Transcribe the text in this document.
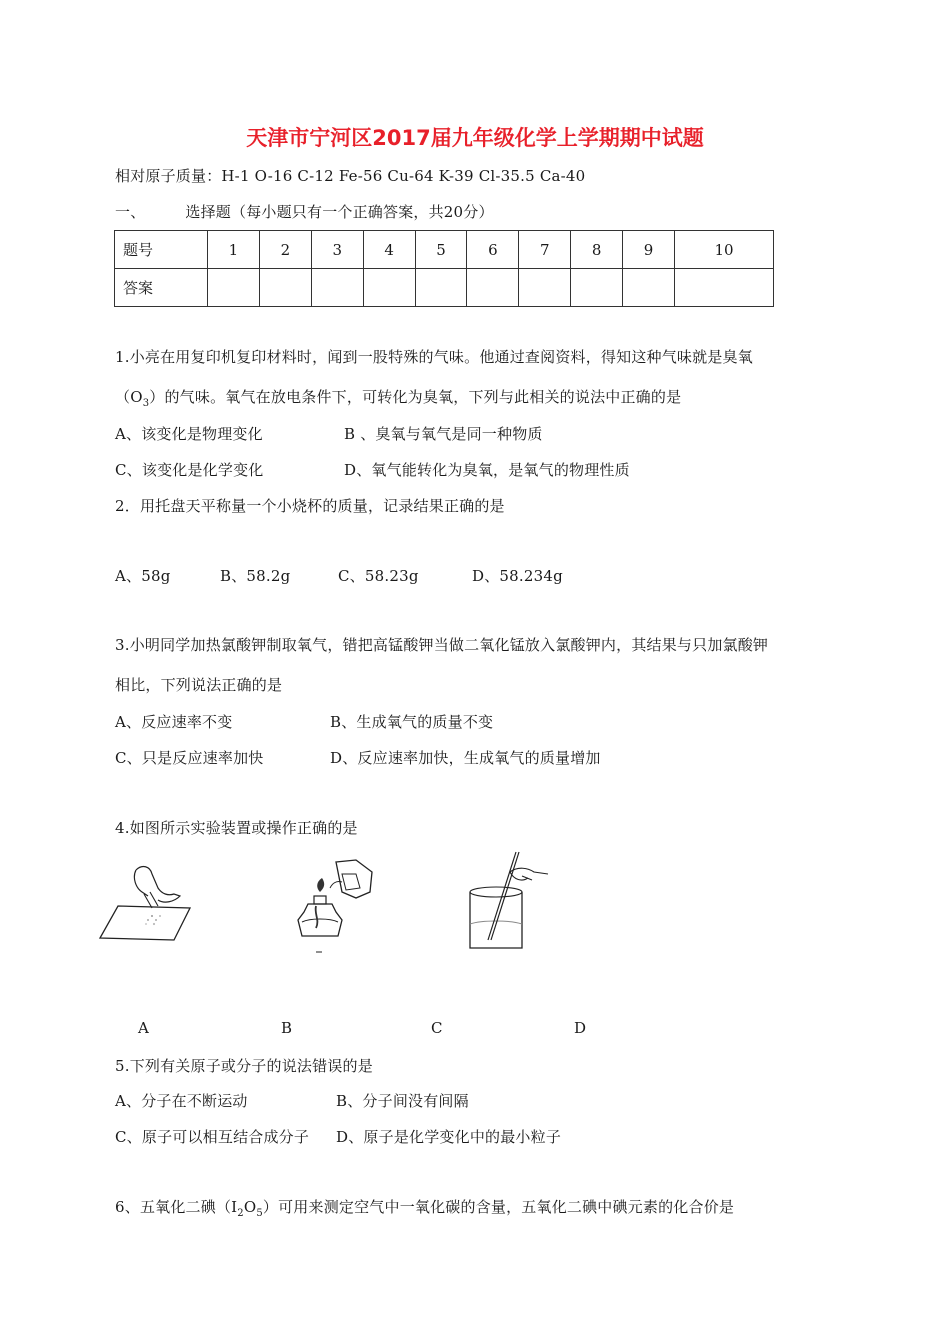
天津市宁河区2017届九年级化学上学期期中试题
相对原子质量：H-1 O-16 C-12 Fe-56 Cu-64 K-39 Cl-35.5 Ca-40
一、	选择题（每小题只有一个正确答案，共20分）
题号	1	2	3	4	5	6	7	8	9	10
答案										
1.小亮在用复印机复印材料时，闻到一股特殊的气味。他通过查阅资料，得知这种气味就是臭氧
$(O_3)$的气味。氧气在放电条件下，可转化为臭氧，下列与此相关的说法中正确的是
A、该变化是物理变化	B 、臭氧与氧气是同一种物质
C、该变化是化学变化	D、氧气能转化为臭氧，是氧气的物理性质
2．用托盘天平称量一个小烧杯的质量，记录结果正确的是
A、58g	B、58.2g	C、58.23g	D、58.234g
3.小明同学加热氯酸钾制取氧气，错把高锰酸钾当做二氧化锰放入氯酸钾内，其结果与只加氯酸钾
相比，下列说法正确的是
A、反应速率不变	B、生成氧气的质量不变
C、只是反应速率加快	D、反应速率加快，生成氧气的质量增加
4.如图所示实验装置或操作正确的是
A	B	C	D
5.下列有关原子或分子的说法错误的是
A、分子在不断运动	B、分子间没有间隔
C、原子可以相互结合成分子 D、原子是化学变化中的最小粒子
6、五氧化二碘$(I_2O_5)$可用来测定空气中一氧化碳的含量，五氧化二碘中碘元素的化合价是
